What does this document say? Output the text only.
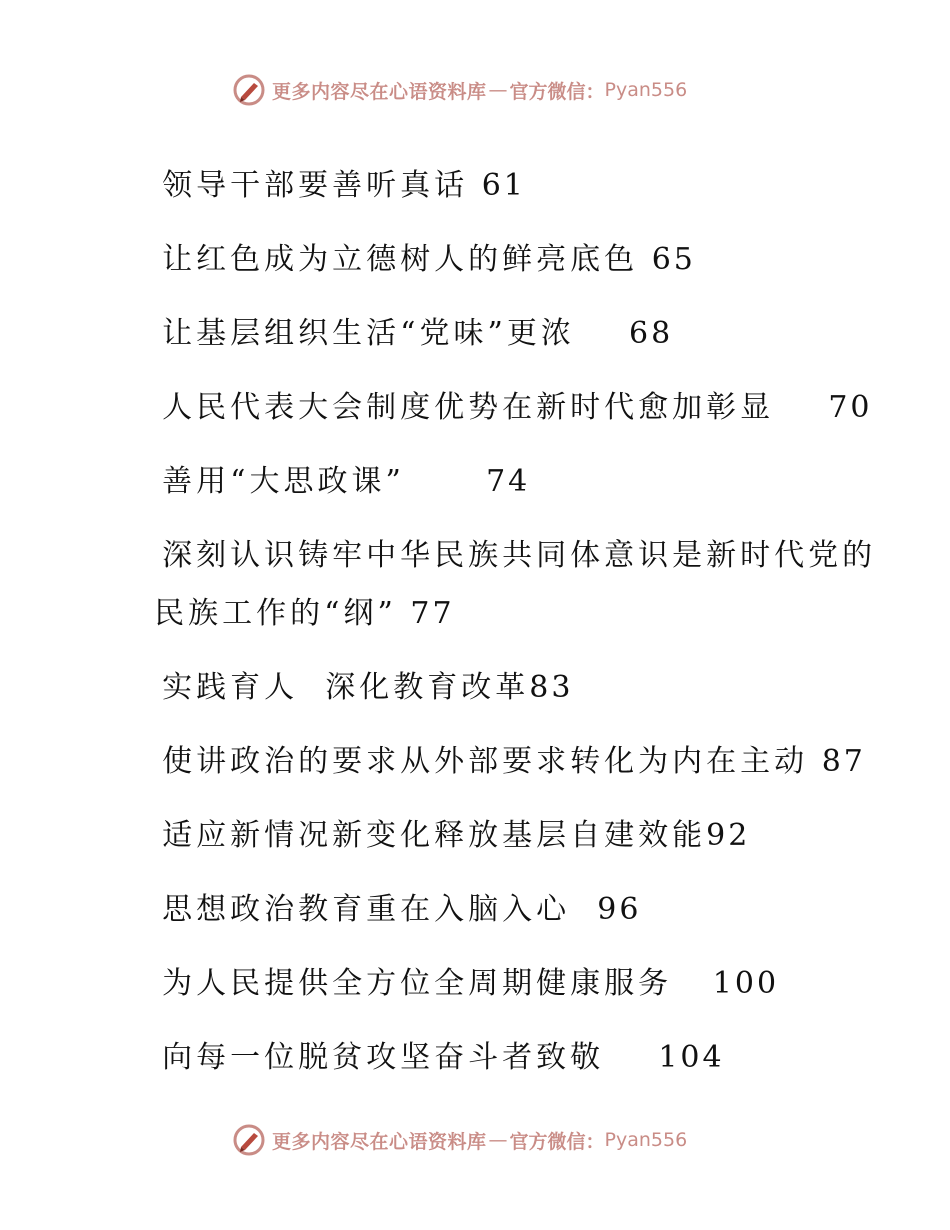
更多内容尽在心语资料库 — 官方微信： Pyan556

领导干部要善听真话 61

让红色成为立德树人的鲜亮底色 65

让基层组织生活“党味”更浓 68

人民代表大会制度优势在新时代愈加彰显 70

善用“大思政课”	74

深刻认识铸牢中华民族共同体意识是新时代党的

民族工作的“纲” 77

实践育人  深化教育改革83

使讲政治的要求从外部要求转化为内在主动 87

适应新情况新变化释放基层自建效能92

思想政治教育重在入脑入心 96

为人民提供全方位全周期健康服务 100

向每一位脱贫攻坚奋斗者致敬 104

更多内容尽在心语资料库 — 官方微信： Pyan556
